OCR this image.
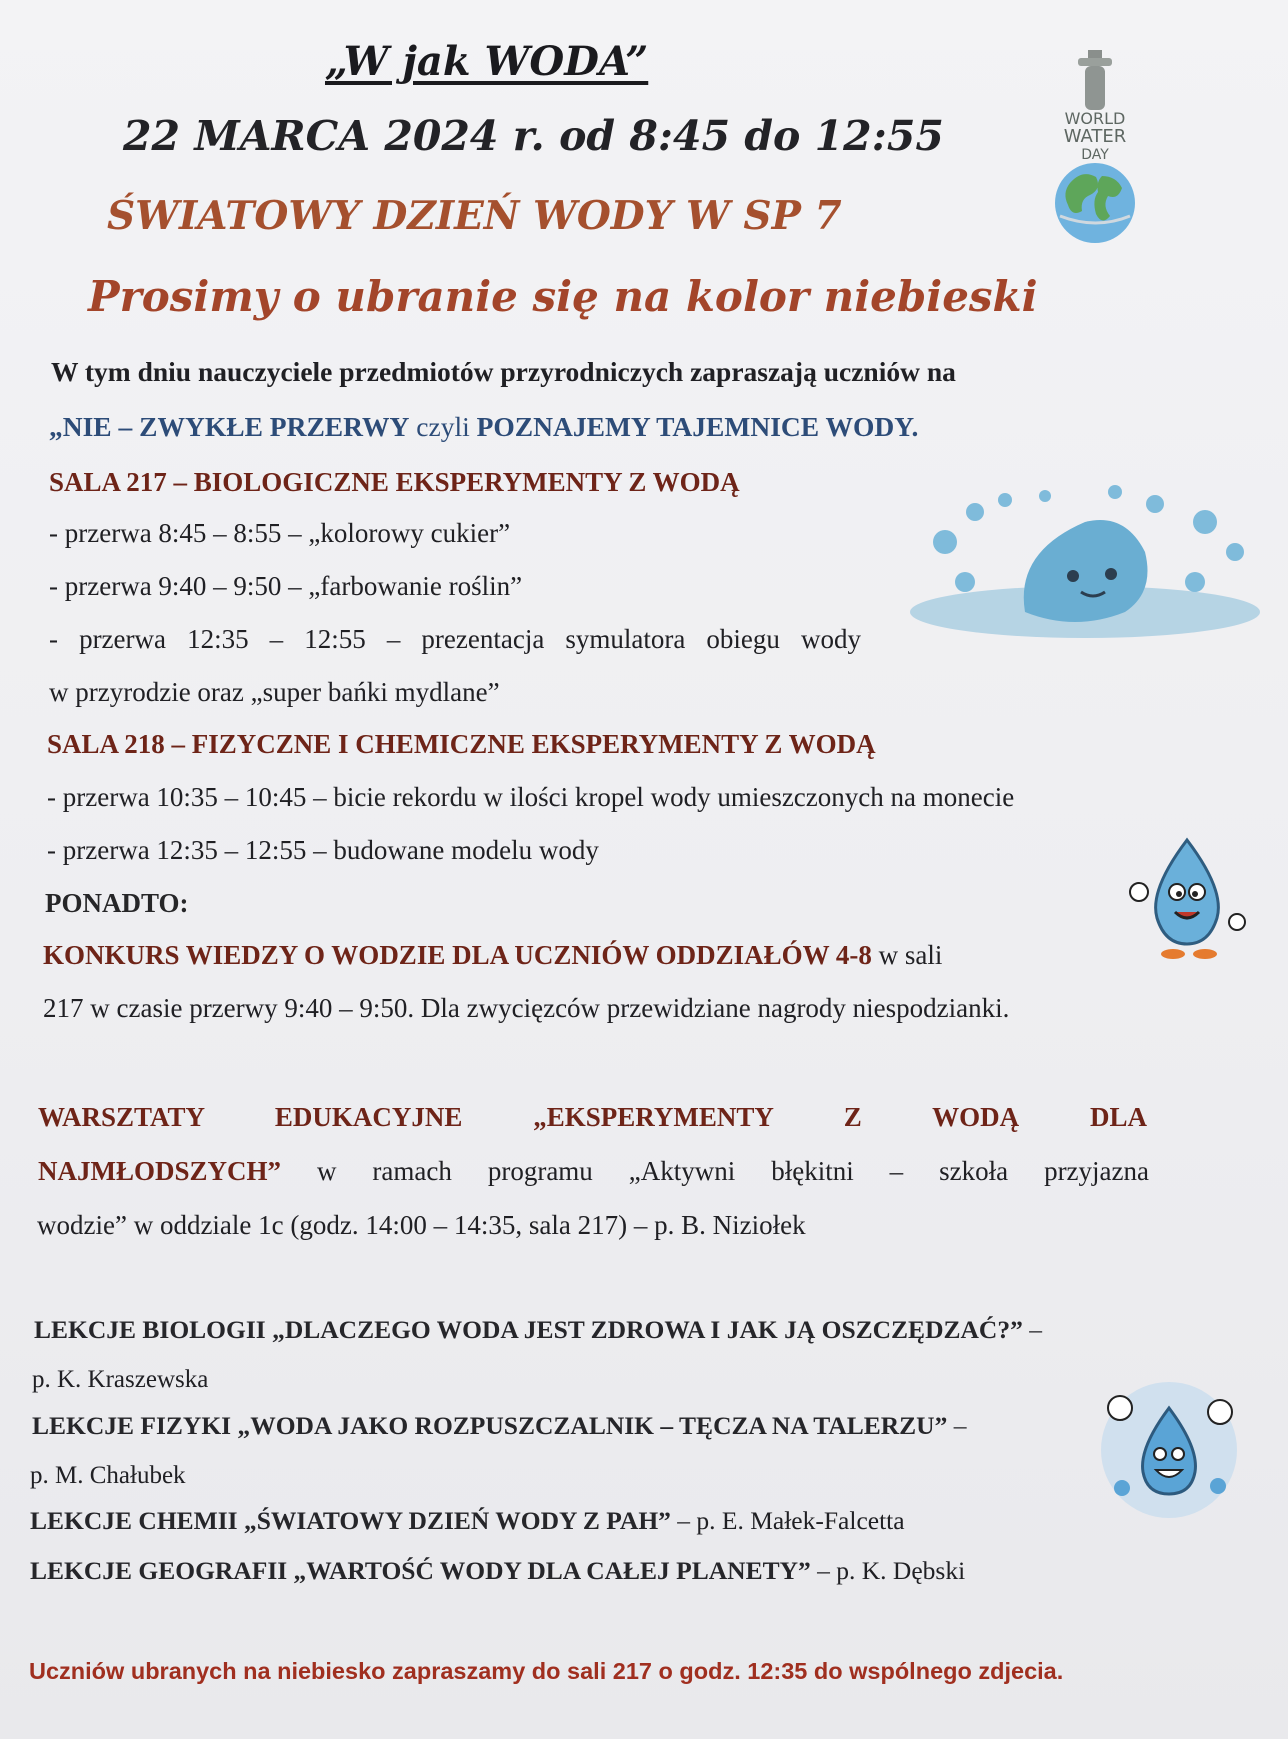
„W jak WODA”
22 MARCA 2024 r. od 8:45 do 12:55
ŚWIATOWY DZIEŃ WODY W SP 7
Prosimy o ubranie się na kolor niebieski
WORLD
WATER
DAY
W tym dniu nauczyciele przedmiotów przyrodniczych zapraszają uczniów na
„NIE – ZWYKŁE PRZERWY czyli POZNAJEMY TAJEMNICE WODY.
SALA 217 – BIOLOGICZNE EKSPERYMENTY Z WODĄ
- przerwa 8:45 – 8:55 – „kolorowy cukier”
- przerwa 9:40 – 9:50 – „farbowanie roślin”
- przerwa 12:35 – 12:55 – prezentacja symulatora obiegu wody
w przyrodzie oraz „super bańki mydlane”
SALA 218 – FIZYCZNE I CHEMICZNE EKSPERYMENTY Z WODĄ
- przerwa 10:35 – 10:45 – bicie rekordu w ilości kropel wody umieszczonych na monecie
- przerwa 12:35 – 12:55 – budowane modelu wody
PONADTO:
KONKURS WIEDZY O WODZIE DLA UCZNIÓW ODDZIAŁÓW 4-8 w sali
217 w czasie przerwy 9:40 – 9:50. Dla zwycięzców przewidziane nagrody niespodzianki.
WARSZTATY EDUKACYJNE „EKSPERYMENTY Z WODĄ DLA
NAJMŁODSZYCH” w ramach programu „Aktywni błękitni – szkoła przyjazna
wodzie” w oddziale 1c (godz. 14:00 – 14:35, sala 217) – p. B. Niziołek
LEKCJE BIOLOGII „DLACZEGO WODA JEST ZDROWA I JAK JĄ OSZCZĘDZAĆ?” –
p. K. Kraszewska
LEKCJE FIZYKI „WODA JAKO ROZPUSZCZALNIK – TĘCZA NA TALERZU” –
p. M. Chałubek
LEKCJE CHEMII „ŚWIATOWY DZIEŃ WODY Z PAH” – p. E. Małek-Falcetta
LEKCJE GEOGRAFII „WARTOŚĆ WODY DLA CAŁEJ PLANETY” – p. K. Dębski
Uczniów ubranych na niebiesko zapraszamy do sali 217 o godz. 12:35 do wspólnego zdjecia.
